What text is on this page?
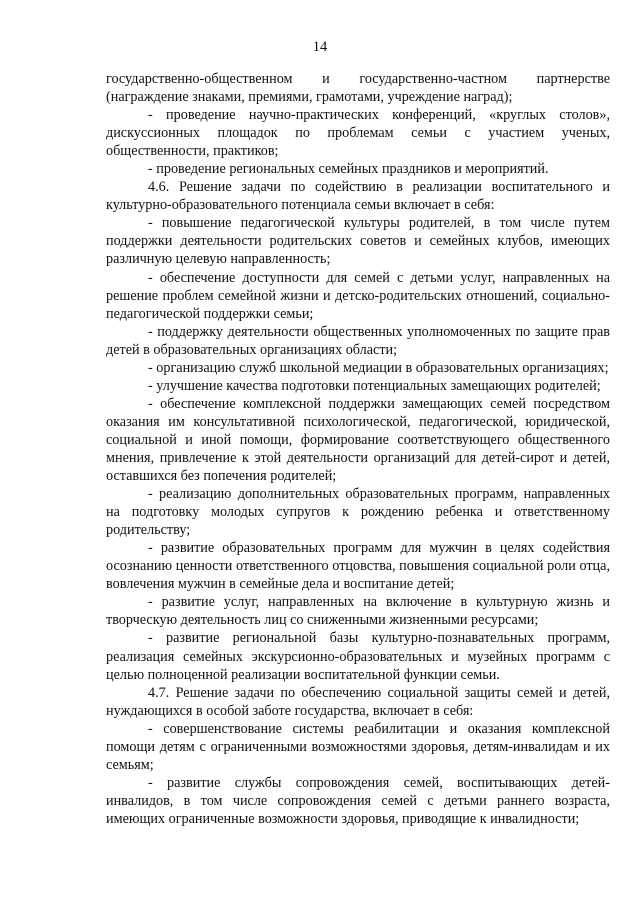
14

государственно-общественном и государственно-частном партнерстве (награждение знаками, премиями, грамотами, учреждение наград);

- проведение научно-практических конференций, «круглых столов», дискуссионных площадок по проблемам семьи с участием ученых, общественности, практиков;

- проведение региональных семейных праздников и мероприятий.

4.6. Решение задачи по содействию в реализации воспитательного и культурно-образовательного потенциала семьи включает в себя:

- повышение педагогической культуры родителей, в том числе путем поддержки деятельности родительских советов и семейных клубов, имеющих различную целевую направленность;

- обеспечение доступности для семей с детьми услуг, направленных на решение проблем семейной жизни и детско-родительских отношений, социально-педагогической поддержки семьи;

- поддержку деятельности общественных уполномоченных по защите прав детей в образовательных организациях области;

- организацию служб школьной медиации в образовательных организациях;

- улучшение качества подготовки потенциальных замещающих родителей;

- обеспечение комплексной поддержки замещающих семей посредством оказания им консультативной психологической, педагогической, юридической, социальной и иной помощи, формирование соответствующего общественного мнения, привлечение к этой деятельности организаций для детей-сирот и детей, оставшихся без попечения родителей;

- реализацию дополнительных образовательных программ, направленных на подготовку молодых супругов к рождению ребенка и ответственному родительству;

- развитие образовательных программ для мужчин в целях содействия осознанию ценности ответственного отцовства, повышения социальной роли отца, вовлечения мужчин в семейные дела и воспитание детей;

- развитие услуг, направленных на включение в культурную жизнь и творческую деятельность лиц со сниженными жизненными ресурсами;

- развитие региональной базы культурно-познавательных программ, реализация семейных экскурсионно-образовательных и музейных программ с целью полноценной реализации воспитательной функции семьи.

4.7. Решение задачи по обеспечению социальной защиты семей и детей, нуждающихся в особой заботе государства, включает в себя:

- совершенствование системы реабилитации и оказания комплексной помощи детям с ограниченными возможностями здоровья, детям-инвалидам и их семьям;

- развитие службы сопровождения семей, воспитывающих детей-инвалидов, в том числе сопровождения семей с детьми раннего возраста, имеющих ограниченные возможности здоровья, приводящие к инвалидности;
